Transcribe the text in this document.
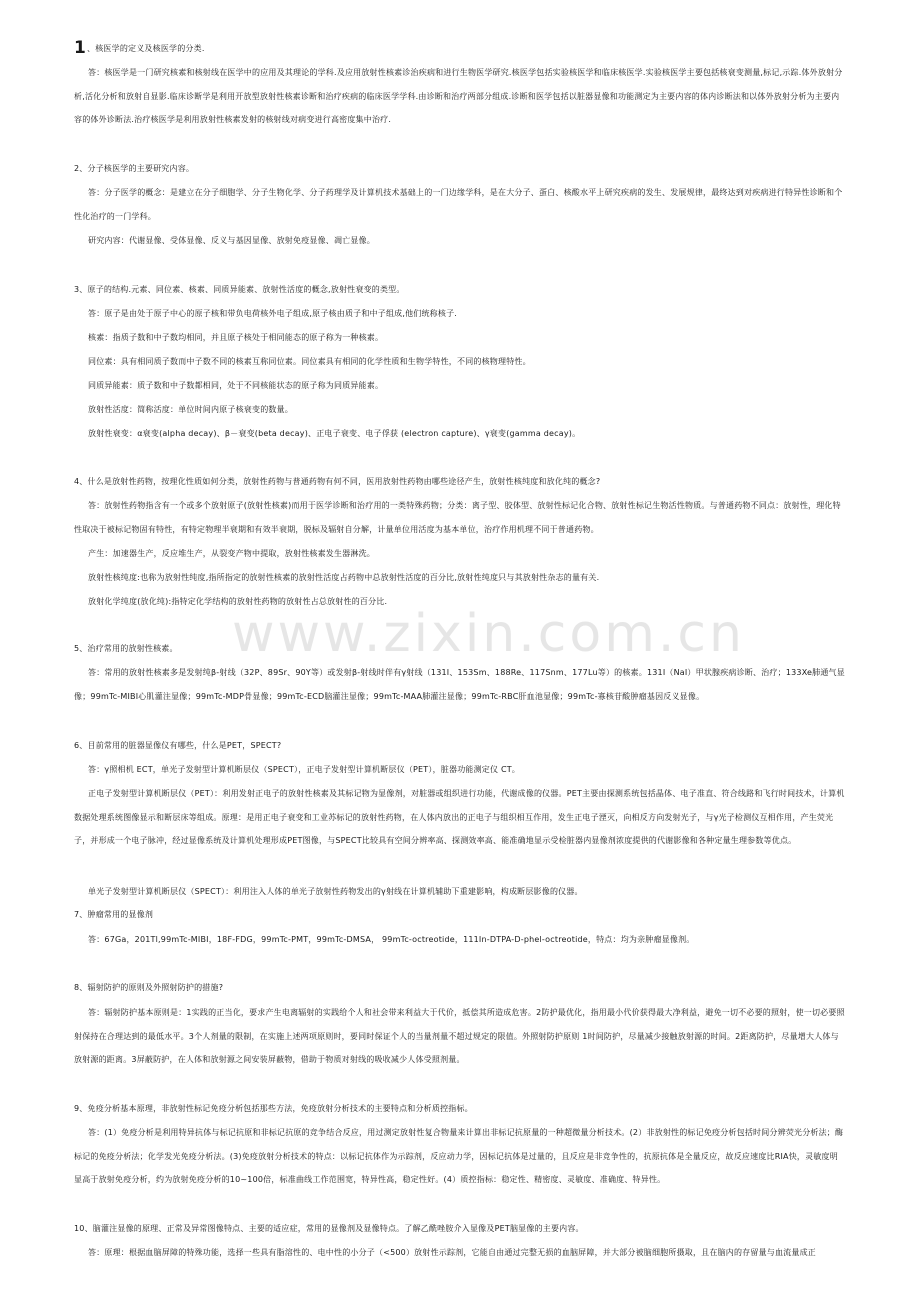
www.zixin.com.cn

1、核医学的定义及核医学的分类.

答：核医学是一门研究核素和核射线在医学中的应用及其理论的学科.及应用放射性核素诊治疾病和进行生物医学研究.核医学包括实验核医学和临床核医学.实验核医学主要包括核衰变测量,标记,示踪.体外放射分析,活化分析和放射自显影.临床诊断学是利用开放型放射性核素诊断和治疗疾病的临床医学学科.由诊断和治疗两部分组成.诊断和医学包括以脏器显像和功能测定为主要内容的体内诊断法和以体外放射分析为主要内容的体外诊断法.治疗核医学是利用放射性核素发射的核射线对病变进行高密度集中治疗.

2、分子核医学的主要研究内容。

答：分子医学的概念：是建立在分子细胞学、分子生物化学、分子药理学及计算机技术基础上的一门边缘学科，是在大分子、蛋白、核酸水平上研究疾病的发生、发展规律，最终达到对疾病进行特异性诊断和个性化治疗的一门学科。

研究内容：代谢显像、受体显像、反义与基因显像、放射免疫显像、凋亡显像。

3、原子的结构.元素、同位素、核素、同质异能素、放射性活度的概念,放射性衰变的类型。

答：原子是由处于原子中心的原子核和带负电荷核外电子组成,原子核由质子和中子组成,他们统称核子.

核素：指质子数和中子数均相同，并且原子核处于相同能态的原子称为一种核素。

同位素：具有相同质子数而中子数不同的核素互称同位素。同位素具有相同的化学性质和生物学特性，不同的核物理特性。

同质异能素：质子数和中子数都相同，处于不同核能状态的原子称为同质异能素。

放射性活度：简称活度：单位时间内原子核衰变的数量。

放射性衰变：α衰变(alpha decay)、β－衰变(beta decay)、正电子衰变、电子俘获 (electron capture)、γ衰变(gamma decay)。

4、什么是放射性药物，按理化性质如何分类，放射性药物与普通药物有何不同，医用放射性药物由哪些途径产生，放射性核纯度和放化纯的概念?

答：放射性药物指含有一个或多个放射原子(放射性核素)而用于医学诊断和治疗用的一类特殊药物；分类：离子型、胶体型、放射性标记化合物、放射性标记生物活性物质。与普通药物不同点：放射性，理化特性取决于被标记物固有特性，有特定物理半衰期和有效半衰期，脱标及辐射自分解，计量单位用活度为基本单位，治疗作用机理不同于普通药物。

产生：加速器生产，反应堆生产，从裂变产物中提取，放射性核素发生器淋洗。

放射性核纯度:也称为放射性纯度,指所指定的放射性核素的放射性活度占药物中总放射性活度的百分比,放射性纯度只与其放射性杂志的量有关.

放射化学纯度(放化纯):指特定化学结构的放射性药物的放射性占总放射性的百分比.

5、治疗常用的放射性核素。

答：常用的放射性核素多是发射纯β-射线（32P、89Sr、90Y等）或发射β-射线时伴有γ射线（131I、153Sm、188Re、117Snm、177Lu等）的核素。131I（NaI）甲状腺疾病诊断、治疗；133Xe肺通气显像；99mTc-MIBI心肌灌注显像；99mTc-MDP骨显像；99mTc-ECD脑灌注显像；99mTc-MAA肺灌注显像；99mTc-RBC肝血池显像；99mTc-寡核苷酸肿瘤基因反义显像。

6、目前常用的脏器显像仪有哪些，什么是PET，SPECT?

答：γ照相机 ECT，单光子发射型计算机断层仪（SPECT），正电子发射型计算机断层仪（PET），脏器功能测定仪 CT。

正电子发射型计算机断层仪（PET）：利用发射正电子的放射性核素及其标记物为显像剂，对脏器或组织进行功能，代谢成像的仪器。PET主要由探测系统包括晶体、电子准直、符合线路和飞行时间技术，计算机数据处理系统图像显示和断层床等组成。原理：是用正电子衰变和工业苏标记的放射性药物，在人体内放出的正电子与组织相互作用，发生正电子湮灭，向相反方向发射光子，与γ光子检测仪互相作用，产生荧光子，并形成一个电子脉冲，经过显像系统及计算机处理形成PET图像，与SPECT比较具有空间分辨率高、探测效率高、能准确地显示受检脏器内显像剂浓度提供的代谢影像和各种定量生理参数等优点。

单光子发射型计算机断层仪（SPECT）：利用注入人体的单光子放射性药物发出的γ射线在计算机辅助下重建影响，构成断层影像的仪器。

7、肿瘤常用的显像剂

答：67Ga，201Tl,99mTc-MIBI，18F-FDG，99mTc-PMT，99mTc-DMSA， 99mTc-octreotide，111In-DTPA-D-phel-octreotide，特点：均为亲肿瘤显像剂。

8、辐射防护的原则及外照射防护的措施?

答：辐射防护基本原则是：1实践的正当化，要求产生电离辐射的实践给个人和社会带来利益大于代价，抵偿其所造成危害。2防护最优化，指用最小代价获得最大净利益，避免一切不必要的照射，使一切必要照射保持在合理达到的最低水平。3个人剂量的限制，在实施上述两项原则时，要同时保证个人的当量剂量不超过规定的限值。外照射防护原则 1时间防护，尽量减少接触放射源的时间。2距离防护，尽量增大人体与放射源的距离。3屏蔽防护，在人体和放射源之间安装屏蔽物，借助于物质对射线的吸收减少人体受照剂量。

9、免疫分析基本原理，非放射性标记免疫分析包括那些方法，免疫放射分析技术的主要特点和分析质控指标。

答：(1）免疫分析是利用特异抗体与标记抗原和非标记抗原的竞争结合反应，用过测定放射性复合物量来计算出非标记抗原量的一种超微量分析技术。(2）非放射性的标记免疫分析包括时间分辨荧光分析法；酶标记的免疫分析法；化学发光免疫分析法。(3)免疫放射分析技术的特点：以标记抗体作为示踪剂，反应动力学，因标记抗体是过量的，且反应是非竞争性的，抗原抗体是全量反应，故反应速度比RIA快，灵敏度明显高于放射免疫分析，约为放射免疫分析的10~100倍，标准曲线工作范围宽，特异性高，稳定性好。(4）质控指标：稳定性、精密度、灵敏度、准确度、特异性。

10、脑灌注显像的原理、正常及异常图像特点、主要的适应症，常用的显像剂及显像特点。了解乙酰唑胺介入显像及PET脑显像的主要内容。

答：原理：根据血脑屏障的特殊功能，选择一些具有脂溶性的、电中性的小分子（<500）放射性示踪剂，它能自由通过完整无损的血脑屏障，并大部分被脑细胞所摄取，且在脑内的存留量与血流量成正
